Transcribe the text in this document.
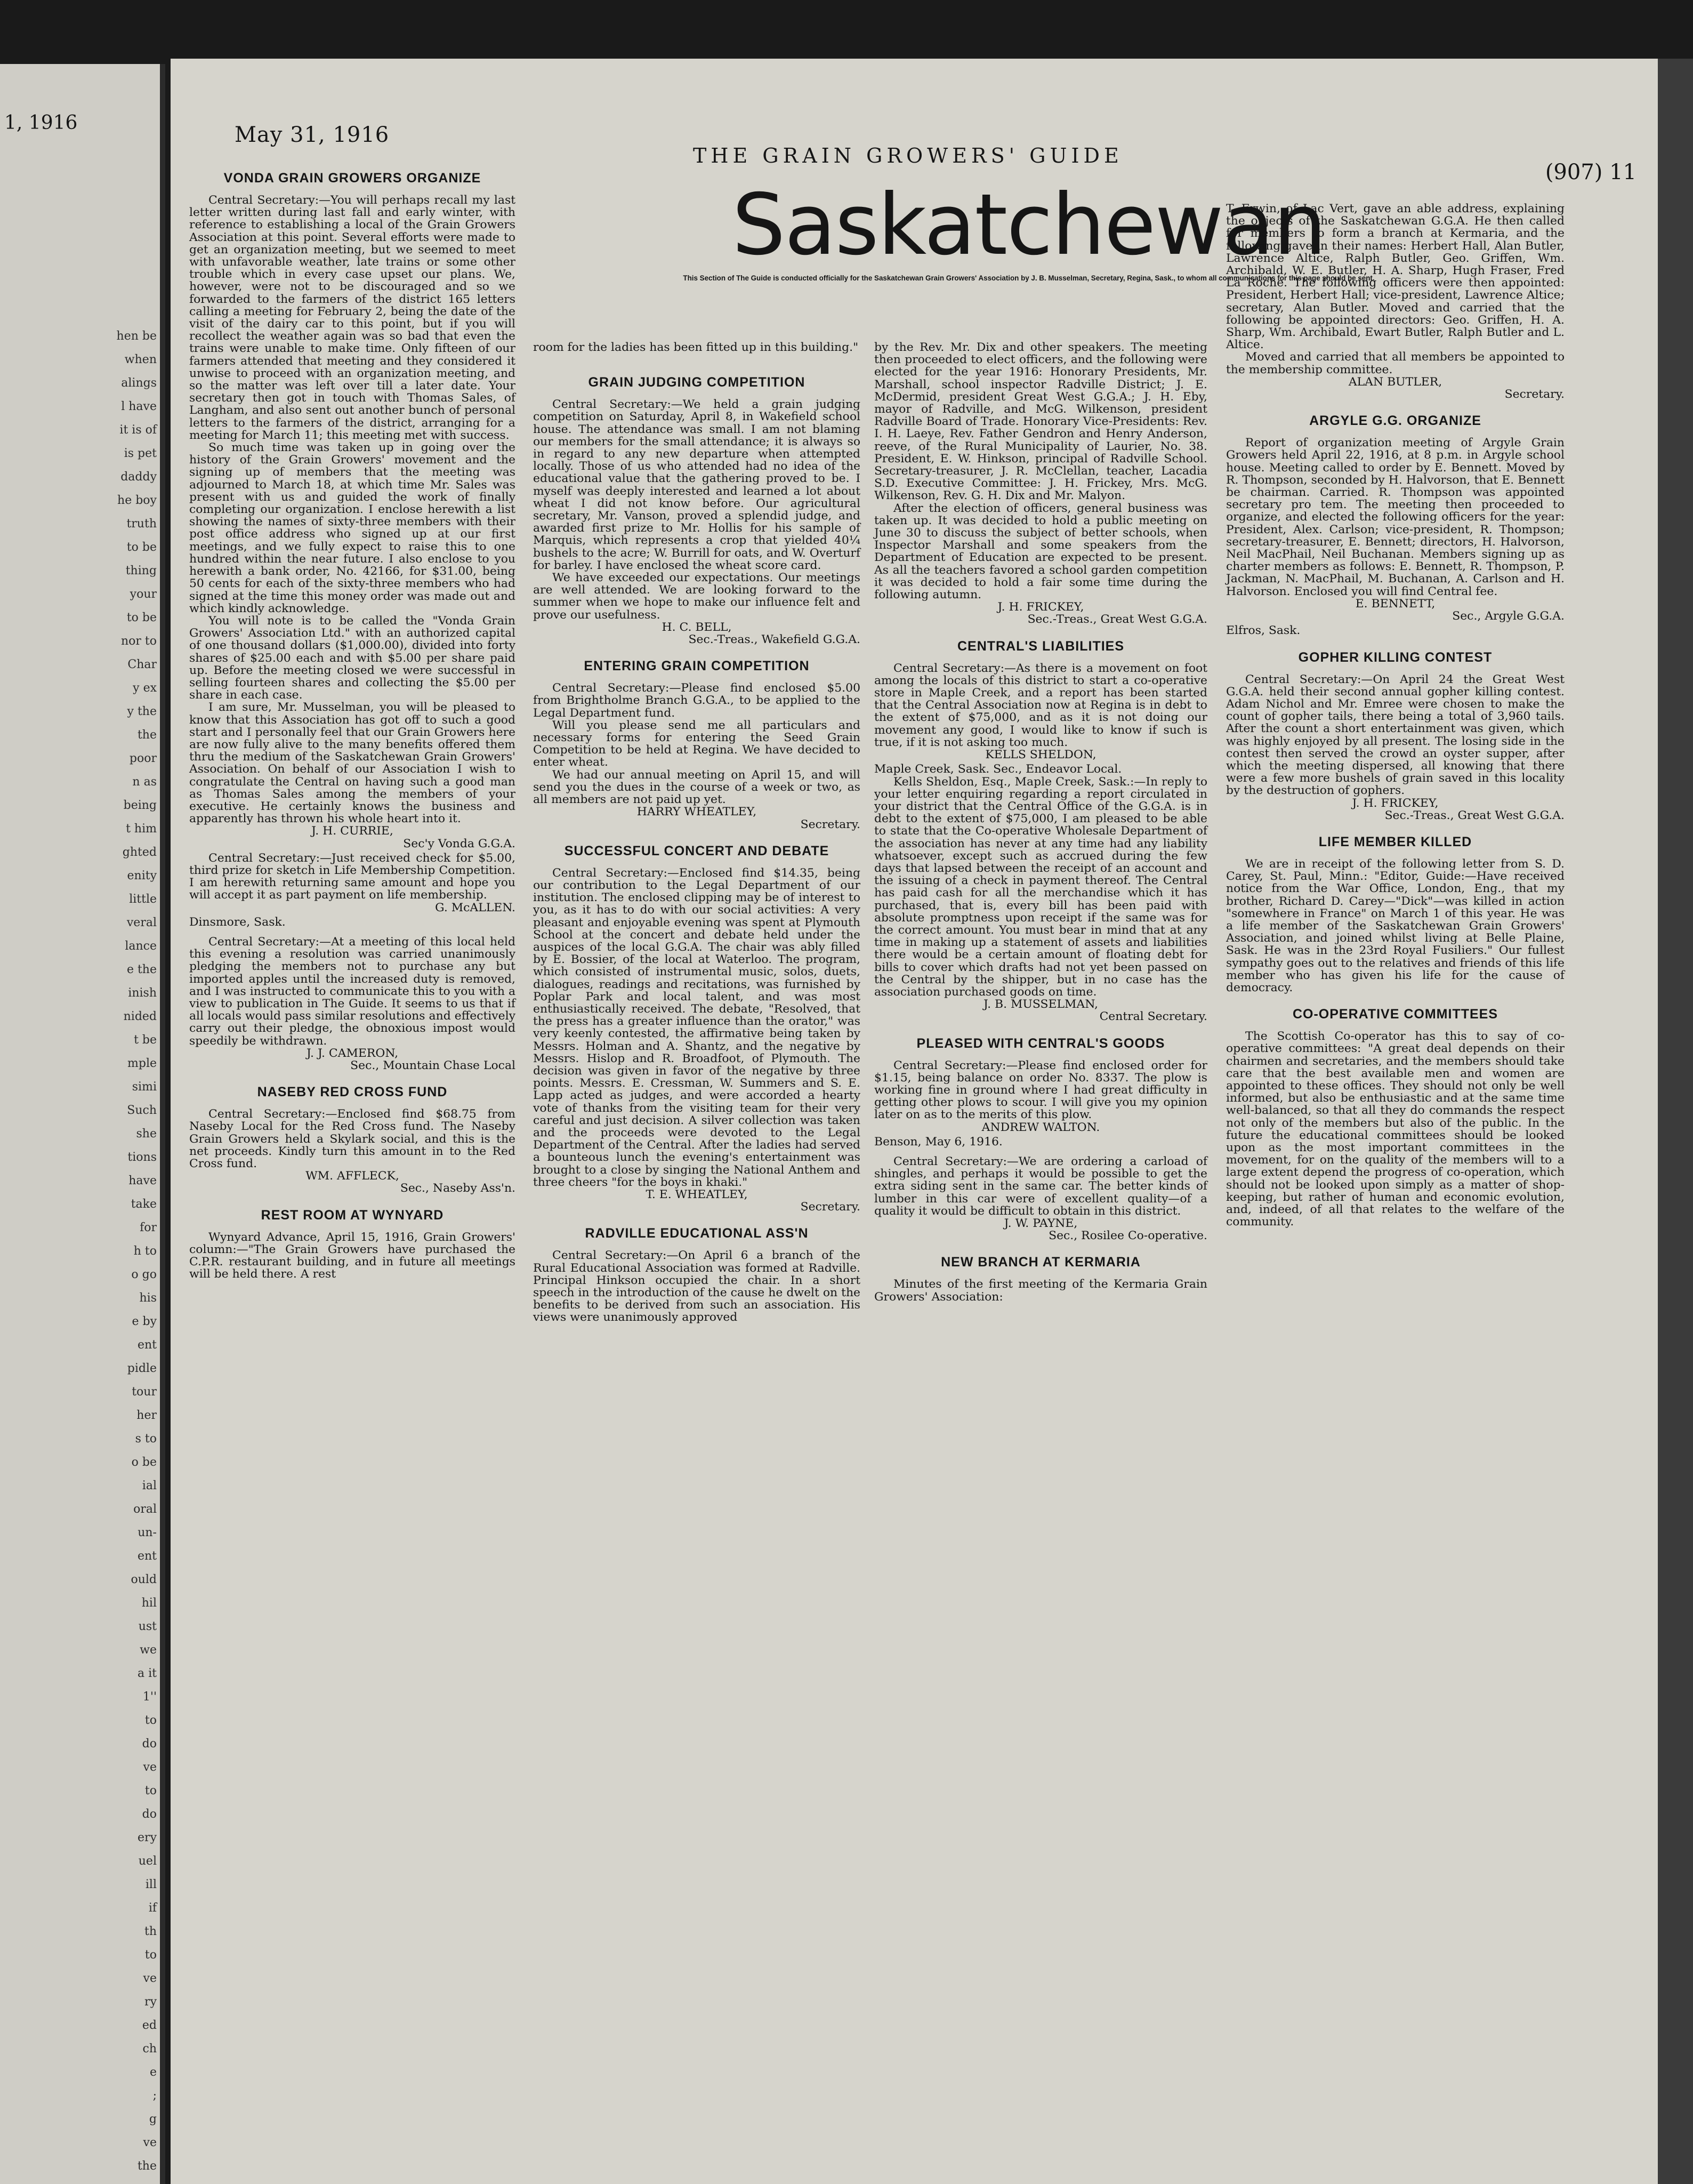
1, 1916
hen be
when
alings
l have
it is of
is pet
daddy
he boy
truth
to be
thing
your
to be
nor to
Char
y ex
y the
the
poor
n as
being
t him
ghted
enity
little
veral
lance
e the
inish
nided
t be
mple
simi
Such
she
tions
have
take
for
h to
o go
his
e by
ent
pidle
tour
her
s to
o be
ial
oral
un-
ent
ould
hil
ust
we
a it
1''
to
do
ve
to
do
ery
uel
ill
if
th
to
ve
ry
ed
ch
e
;
g
ve
the
May 31, 1916
THE GRAIN GROWERS' GUIDE
(907) 11
Saskatchewan
This Section of The Guide is conducted officially for the Saskatchewan Grain Growers' Association by J. B. Musselman, Secretary, Regina, Sask., to whom all communications for this page should be sent.
VONDA GRAIN GROWERS ORGANIZE

Central Secretary:—You will perhaps recall my last letter written during last fall and early winter, with reference to establishing a local of the Grain Growers Association at this point. Several efforts were made to get an organization meeting, but we seemed to meet with unfavorable weather, late trains or some other trouble which in every case upset our plans. We, however, were not to be discouraged and so we forwarded to the farmers of the district 165 letters calling a meeting for February 2, being the date of the visit of the dairy car to this point, but if you will recollect the weather again was so bad that even the trains were unable to make time. Only fifteen of our farmers attended that meeting and they considered it unwise to proceed with an organization meeting, and so the matter was left over till a later date. Your secretary then got in touch with Thomas Sales, of Langham, and also sent out another bunch of personal letters to the farmers of the district, arranging for a meeting for March 11; this meeting met with success.

So much time was taken up in going over the history of the Grain Growers' movement and the signing up of members that the meeting was adjourned to March 18, at which time Mr. Sales was present with us and guided the work of finally completing our organization. I enclose herewith a list showing the names of sixty-three members with their post office address who signed up at our first meetings, and we fully expect to raise this to one hundred within the near future. I also enclose to you herewith a bank order, No. 42166, for $31.00, being 50 cents for each of the sixty-three members who had signed at the time this money order was made out and which kindly acknowledge.

You will note is to be called the "Vonda Grain Growers' Association Ltd." with an authorized capital of one thousand dollars ($1,000.00), divided into forty shares of $25.00 each and with $5.00 per share paid up. Before the meeting closed we were successful in selling fourteen shares and collecting the $5.00 per share in each case.

I am sure, Mr. Musselman, you will be pleased to know that this Association has got off to such a good start and I personally feel that our Grain Growers here are now fully alive to the many benefits offered them thru the medium of the Saskatchewan Grain Growers' Association. On behalf of our Association I wish to congratulate the Central on having such a good man as Thomas Sales among the members of your executive. He certainly knows the business and apparently has thrown his whole heart into it.

J. H. CURRIE,

Sec'y Vonda G.G.A.

Central Secretary:—Just received check for $5.00, third prize for sketch in Life Membership Competition. I am herewith returning same amount and hope you will accept it as part payment on life membership.

G. McALLEN.

Dinsmore, Sask.

Central Secretary:—At a meeting of this local held this evening a resolution was carried unanimously pledging the members not to purchase any but imported apples until the increased duty is removed, and I was instructed to communicate this to you with a view to publication in The Guide. It seems to us that if all locals would pass similar resolutions and effectively carry out their pledge, the obnoxious impost would speedily be withdrawn.

J. J. CAMERON,

Sec., Mountain Chase Local

NASEBY RED CROSS FUND

Central Secretary:—Enclosed find $68.75 from Naseby Local for the Red Cross fund. The Naseby Grain Growers held a Skylark social, and this is the net proceeds. Kindly turn this amount in to the Red Cross fund.

WM. AFFLECK,

Sec., Naseby Ass'n.

REST ROOM AT WYNYARD

Wynyard Advance, April 15, 1916, Grain Growers' column:—"The Grain Growers have purchased the C.P.R. restaurant building, and in future all meetings will be held there. A rest

room for the ladies has been fitted up in this building."

GRAIN JUDGING COMPETITION

Central Secretary:—We held a grain judging competition on Saturday, April 8, in Wakefield school house. The attendance was small. I am not blaming our members for the small attendance; it is always so in regard to any new departure when attempted locally. Those of us who attended had no idea of the educational value that the gathering proved to be. I myself was deeply interested and learned a lot about wheat I did not know before. Our agricultural secretary, Mr. Vanson, proved a splendid judge, and awarded first prize to Mr. Hollis for his sample of Marquis, which represents a crop that yielded 40¼ bushels to the acre; W. Burrill for oats, and W. Overturf for barley. I have enclosed the wheat score card.

We have exceeded our expectations. Our meetings are well attended. We are looking forward to the summer when we hope to make our influence felt and prove our usefulness.

H. C. BELL,

Sec.-Treas., Wakefield G.G.A.

ENTERING GRAIN COMPETITION

Central Secretary:—Please find enclosed $5.00 from Brightholme Branch G.G.A., to be applied to the Legal Department fund.

Will you please send me all particulars and necessary forms for entering the Seed Grain Competition to be held at Regina. We have decided to enter wheat.

We had our annual meeting on April 15, and will send you the dues in the course of a week or two, as all members are not paid up yet.

HARRY WHEATLEY,

Secretary.

SUCCESSFUL CONCERT AND DEBATE

Central Secretary:—Enclosed find $14.35, being our contribution to the Legal Department of our institution. The enclosed clipping may be of interest to you, as it has to do with our social activities: A very pleasant and enjoyable evening was spent at Plymouth School at the concert and debate held under the auspices of the local G.G.A. The chair was ably filled by E. Bossier, of the local at Waterloo. The program, which consisted of instrumental music, solos, duets, dialogues, readings and recitations, was furnished by Poplar Park and local talent, and was most enthusiastically received. The debate, "Resolved, that the press has a greater influence than the orator," was very keenly contested, the affirmative being taken by Messrs. Holman and A. Shantz, and the negative by Messrs. Hislop and R. Broadfoot, of Plymouth. The decision was given in favor of the negative by three points. Messrs. E. Cressman, W. Summers and S. E. Lapp acted as judges, and were accorded a hearty vote of thanks from the visiting team for their very careful and just decision. A silver collection was taken and the proceeds were devoted to the Legal Department of the Central. After the ladies had served a bounteous lunch the evening's entertainment was brought to a close by singing the National Anthem and three cheers "for the boys in khaki."

T. E. WHEATLEY,

Secretary.

RADVILLE EDUCATIONAL ASS'N

Central Secretary:—On April 6 a branch of the Rural Educational Association was formed at Radville. Principal Hinkson occupied the chair. In a short speech in the introduction of the cause he dwelt on the benefits to be derived from such an association. His views were unanimously approved

by the Rev. Mr. Dix and other speakers. The meeting then proceeded to elect officers, and the following were elected for the year 1916: Honorary Presidents, Mr. Marshall, school inspector Radville District; J. E. McDermid, president Great West G.G.A.; J. H. Eby, mayor of Radville, and McG. Wilkenson, president Radville Board of Trade. Honorary Vice-Presidents: Rev. I. H. Laeye, Rev. Father Gendron and Henry Anderson, reeve, of the Rural Municipality of Laurier, No. 38. President, E. W. Hinkson, principal of Radville School. Secretary-treasurer, J. R. McClellan, teacher, Lacadia S.D. Executive Committee: J. H. Frickey, Mrs. McG. Wilkenson, Rev. G. H. Dix and Mr. Malyon.

After the election of officers, general business was taken up. It was decided to hold a public meeting on June 30 to discuss the subject of better schools, when Inspector Marshall and some speakers from the Department of Education are expected to be present. As all the teachers favored a school garden competition it was decided to hold a fair some time during the following autumn.

J. H. FRICKEY,

Sec.-Treas., Great West G.G.A.

CENTRAL'S LIABILITIES

Central Secretary:—As there is a movement on foot among the locals of this district to start a co-operative store in Maple Creek, and a report has been started that the Central Association now at Regina is in debt to the extent of $75,000, and as it is not doing our movement any good, I would like to know if such is true, if it is not asking too much.

KELLS SHELDON,

Maple Creek, Sask. Sec., Endeavor Local.

Kells Sheldon, Esq., Maple Creek, Sask.:—In reply to your letter enquiring regarding a report circulated in your district that the Central Office of the G.G.A. is in debt to the extent of $75,000, I am pleased to be able to state that the Co-operative Wholesale Department of the association has never at any time had any liability whatsoever, except such as accrued during the few days that lapsed between the receipt of an account and the issuing of a check in payment thereof. The Central has paid cash for all the merchandise which it has purchased, that is, every bill has been paid with absolute promptness upon receipt if the same was for the correct amount. You must bear in mind that at any time in making up a statement of assets and liabilities there would be a certain amount of floating debt for bills to cover which drafts had not yet been passed on the Central by the shipper, but in no case has the association purchased goods on time.

J. B. MUSSELMAN,

Central Secretary.

PLEASED WITH CENTRAL'S GOODS

Central Secretary:—Please find enclosed order for $1.15, being balance on order No. 8337. The plow is working fine in ground where I had great difficulty in getting other plows to scour. I will give you my opinion later on as to the merits of this plow.

ANDREW WALTON.

Benson, May 6, 1916.

Central Secretary:—We are ordering a carload of shingles, and perhaps it would be possible to get the extra siding sent in the same car. The better kinds of lumber in this car were of excellent quality—of a quality it would be difficult to obtain in this district.

J. W. PAYNE,

Sec., Rosilee Co-operative.

NEW BRANCH AT KERMARIA

Minutes of the first meeting of the Kermaria Grain Growers' Association:

T. Erwin, of Lac Vert, gave an able address, explaining the objects of the Saskatchewan G.G.A. He then called for members to form a branch at Kermaria, and the following gave in their names: Herbert Hall, Alan Butler, Lawrence Altice, Ralph Butler, Geo. Griffen, Wm. Archibald, W. E. Butler, H. A. Sharp, Hugh Fraser, Fred La Roche. The following officers were then appointed: President, Herbert Hall; vice-president, Lawrence Altice; secretary, Alan Butler. Moved and carried that the following be appointed directors: Geo. Griffen, H. A. Sharp, Wm. Archibald, Ewart Butler, Ralph Butler and L. Altice.

Moved and carried that all members be appointed to the membership committee.

ALAN BUTLER,

Secretary.

ARGYLE G.G. ORGANIZE

Report of organization meeting of Argyle Grain Growers held April 22, 1916, at 8 p.m. in Argyle school house. Meeting called to order by E. Bennett. Moved by R. Thompson, seconded by H. Halvorson, that E. Bennett be chairman. Carried. R. Thompson was appointed secretary pro tem. The meeting then proceeded to organize, and elected the following officers for the year: President, Alex. Carlson; vice-president, R. Thompson; secretary-treasurer, E. Bennett; directors, H. Halvorson, Neil MacPhail, Neil Buchanan. Members signing up as charter members as follows: E. Bennett, R. Thompson, P. Jackman, N. MacPhail, M. Buchanan, A. Carlson and H. Halvorson. Enclosed you will find Central fee.

E. BENNETT,

Sec., Argyle G.G.A.

Elfros, Sask.

GOPHER KILLING CONTEST

Central Secretary:—On April 24 the Great West G.G.A. held their second annual gopher killing contest. Adam Nichol and Mr. Emree were chosen to make the count of gopher tails, there being a total of 3,960 tails. After the count a short entertainment was given, which was highly enjoyed by all present. The losing side in the contest then served the crowd an oyster supper, after which the meeting dispersed, all knowing that there were a few more bushels of grain saved in this locality by the destruction of gophers.

J. H. FRICKEY,

Sec.-Treas., Great West G.G.A.

LIFE MEMBER KILLED

We are in receipt of the following letter from S. D. Carey, St. Paul, Minn.: "Editor, Guide:—Have received notice from the War Office, London, Eng., that my brother, Richard D. Carey—"Dick"—was killed in action "somewhere in France" on March 1 of this year. He was a life member of the Saskatchewan Grain Growers' Association, and joined whilst living at Belle Plaine, Sask. He was in the 23rd Royal Fusiliers." Our fullest sympathy goes out to the relatives and friends of this life member who has given his life for the cause of democracy.

CO-OPERATIVE COMMITTEES

The Scottish Co-operator has this to say of co-operative committees: "A great deal depends on their chairmen and secretaries, and the members should take care that the best available men and women are appointed to these offices. They should not only be well informed, but also be enthusiastic and at the same time well-balanced, so that all they do commands the respect not only of the members but also of the public. In the future the educational committees should be looked upon as the most important committees in the movement, for on the quality of the members will to a large extent depend the progress of co-operation, which should not be looked upon simply as a matter of shop-keeping, but rather of human and economic evolution, and, indeed, of all that relates to the welfare of the community.
